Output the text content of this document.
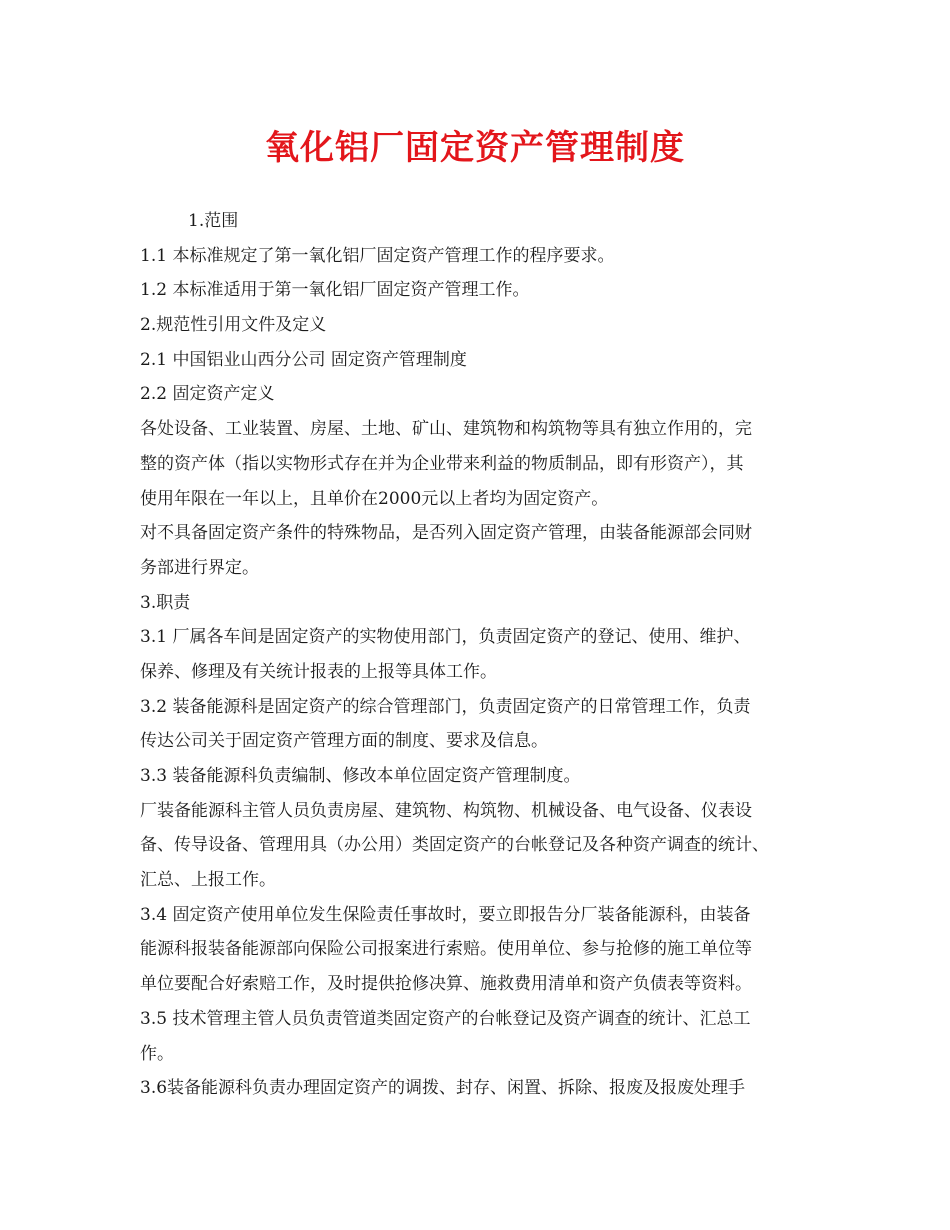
氧化铝厂固定资产管理制度
1.范围
1.1 本标准规定了第一氧化铝厂固定资产管理工作的程序要求。
1.2 本标准适用于第一氧化铝厂固定资产管理工作。
2.规范性引用文件及定义
2.1 中国铝业山西分公司 固定资产管理制度
2.2 固定资产定义
各处设备、工业装置、房屋、土地、矿山、建筑物和构筑物等具有独立作用的，完
整的资产体（指以实物形式存在并为企业带来利益的物质制品，即有形资产），其
使用年限在一年以上，且单价在2000元以上者均为固定资产。
对不具备固定资产条件的特殊物品，是否列入固定资产管理，由装备能源部会同财
务部进行界定。
3.职责
3.1 厂属各车间是固定资产的实物使用部门，负责固定资产的登记、使用、维护、
保养、修理及有关统计报表的上报等具体工作。
3.2 装备能源科是固定资产的综合管理部门，负责固定资产的日常管理工作，负责
传达公司关于固定资产管理方面的制度、要求及信息。
3.3 装备能源科负责编制、修改本单位固定资产管理制度。
厂装备能源科主管人员负责房屋、建筑物、构筑物、机械设备、电气设备、仪表设
备、传导设备、管理用具（办公用）类固定资产的台帐登记及各种资产调查的统计、
汇总、上报工作。
3.4 固定资产使用单位发生保险责任事故时，要立即报告分厂装备能源科，由装备
能源科报装备能源部向保险公司报案进行索赔。使用单位、参与抢修的施工单位等
单位要配合好索赔工作，及时提供抢修决算、施救费用清单和资产负债表等资料。
3.5 技术管理主管人员负责管道类固定资产的台帐登记及资产调查的统计、汇总工
作。
3.6装备能源科负责办理固定资产的调拨、封存、闲置、拆除、报废及报废处理手
